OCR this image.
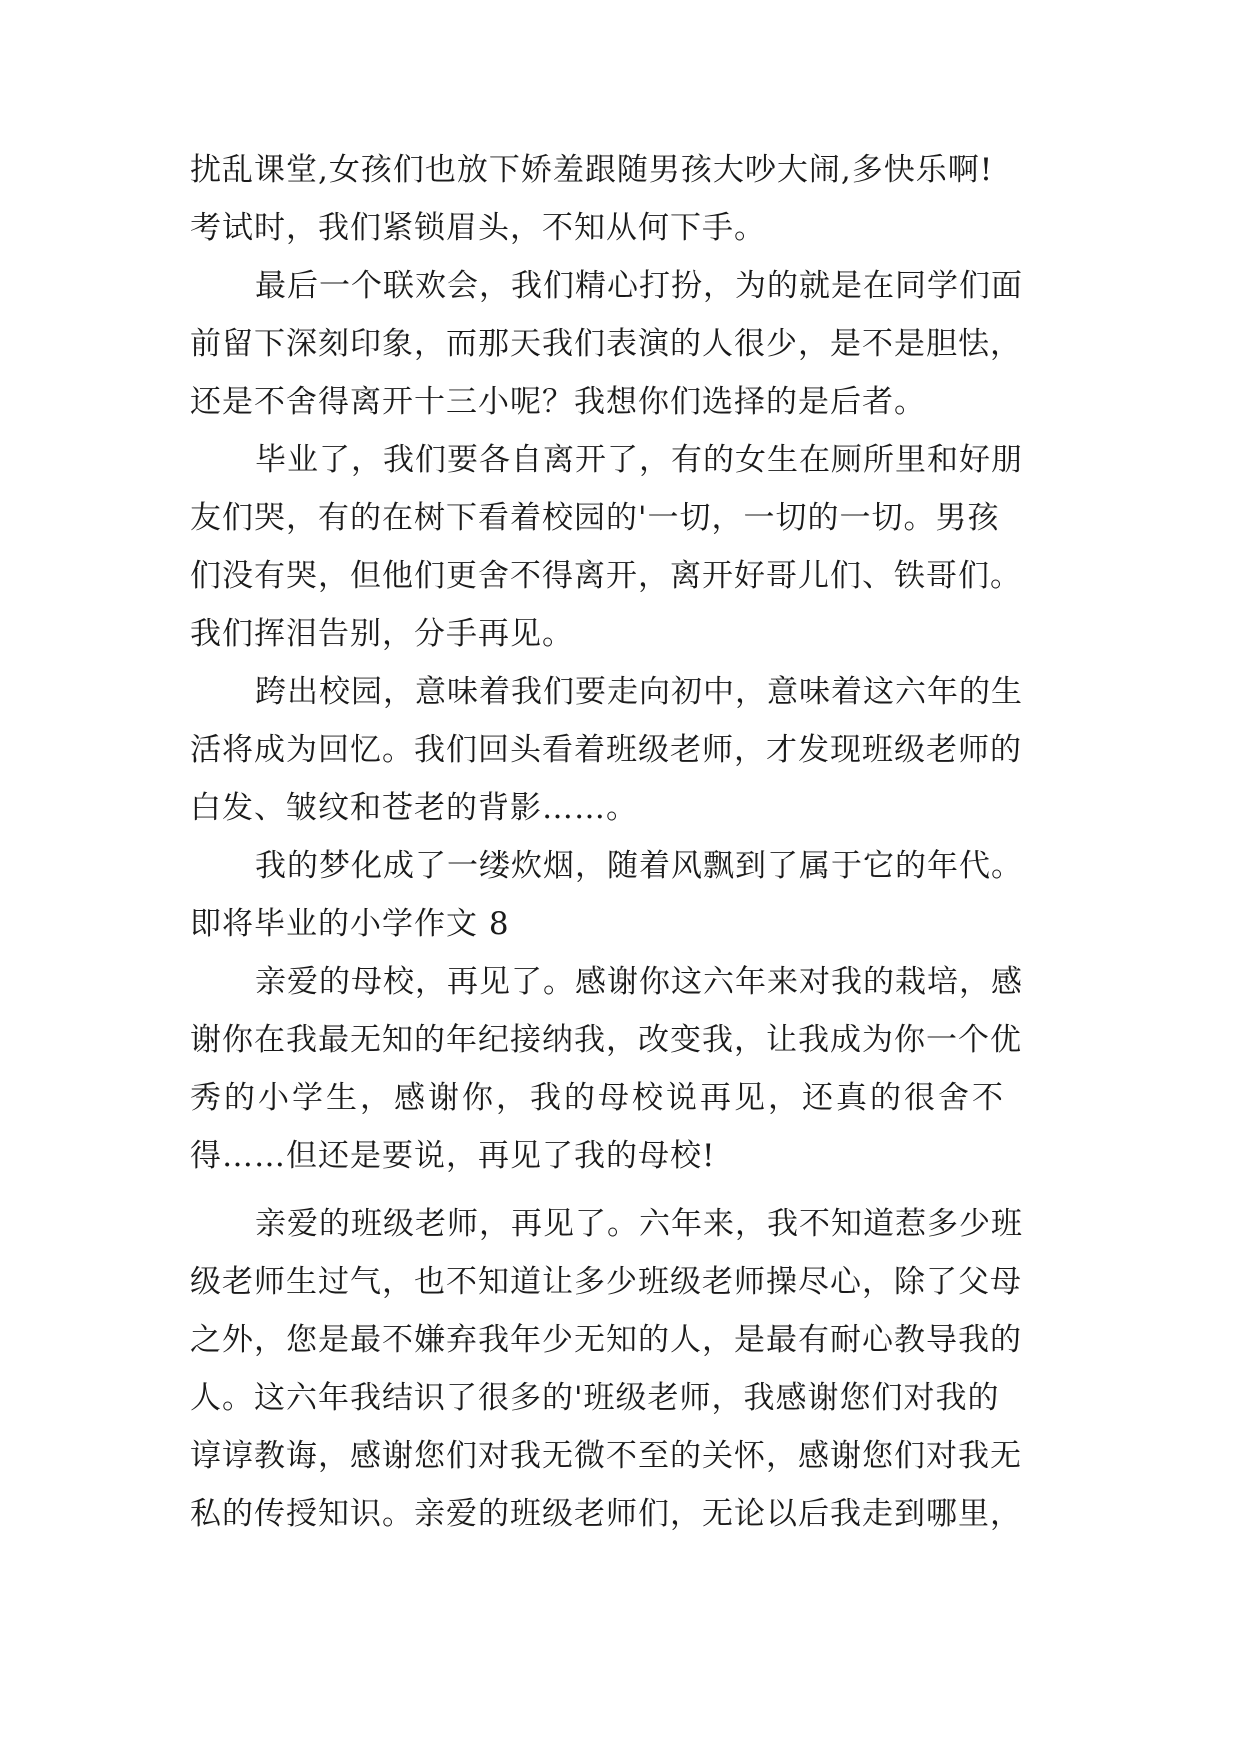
扰乱课堂,女孩们也放下娇羞跟随男孩大吵大闹,多快乐啊!
考试时，我们紧锁眉头，不知从何下手。
最后一个联欢会，我们精心打扮，为的就是在同学们面
前留下深刻印象，而那天我们表演的人很少，是不是胆怯，
还是不舍得离开十三小呢？我想你们选择的是后者。
毕业了，我们要各自离开了，有的女生在厕所里和好朋
友们哭，有的在树下看着校园的'一切，一切的一切。男孩
们没有哭，但他们更舍不得离开，离开好哥儿们、铁哥们。
我们挥泪告别，分手再见。
跨出校园，意味着我们要走向初中，意味着这六年的生
活将成为回忆。我们回头看着班级老师，才发现班级老师的
白发、皱纹和苍老的背影……。
我的梦化成了一缕炊烟，随着风飘到了属于它的年代。
即将毕业的小学作文 8
亲爱的母校，再见了。感谢你这六年来对我的栽培，感
谢你在我最无知的年纪接纳我，改变我，让我成为你一个优
秀的小学生，感谢你，我的母校说再见，还真的很舍不
得……但还是要说，再见了我的母校!
亲爱的班级老师，再见了。六年来，我不知道惹多少班
级老师生过气，也不知道让多少班级老师操尽心，除了父母
之外，您是最不嫌弃我年少无知的人，是最有耐心教导我的
人。这六年我结识了很多的'班级老师，我感谢您们对我的
谆谆教诲，感谢您们对我无微不至的关怀，感谢您们对我无
私的传授知识。亲爱的班级老师们，无论以后我走到哪里，
